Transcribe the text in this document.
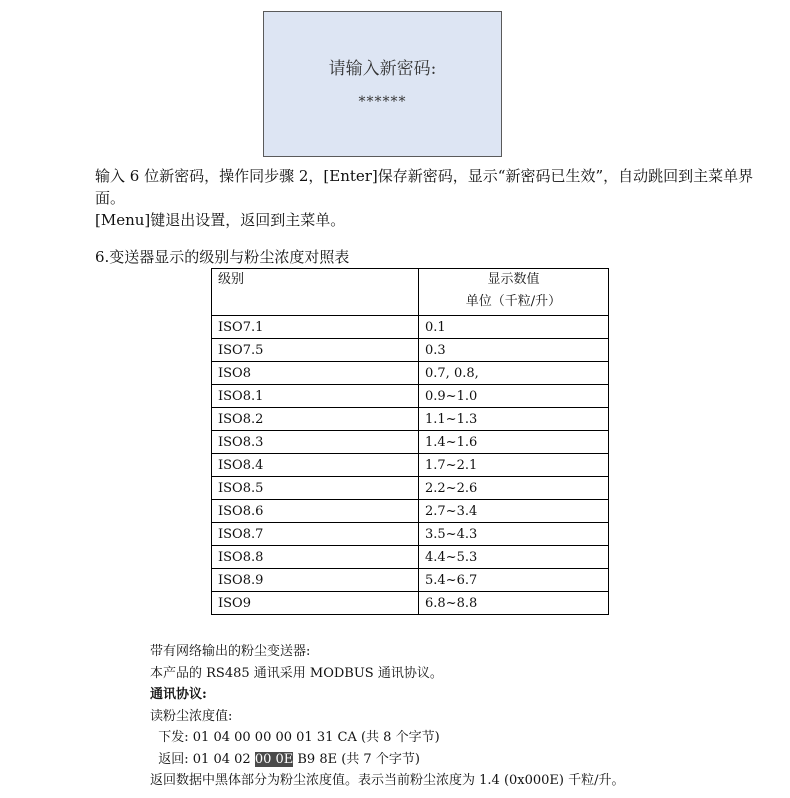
请输入新密码:
******
输入 6 位新密码，操作同步骤 2，[Enter]保存新密码，显示“新密码已生效”，自动跳回到主菜单界面。
[Menu]键退出设置，返回到主菜单。
6.变送器显示的级别与粉尘浓度对照表
级别	显示数值
单位（千粒/升）

ISO7.1	0.1
ISO7.5	0.3
ISO8	0.7, 0.8,
ISO8.1	0.9~1.0
ISO8.2	1.1~1.3
ISO8.3	1.4~1.6
ISO8.4	1.7~2.1
ISO8.5	2.2~2.6
ISO8.6	2.7~3.4
ISO8.7	3.5~4.3
ISO8.8	4.4~5.3
ISO8.9	5.4~6.7
ISO9	6.8~8.8
带有网络输出的粉尘变送器:
本产品的 RS485 通讯采用 MODBUS 通讯协议。
通讯协议:
读粉尘浓度值:
下发: 01 04 00 00 00 01 31 CA (共 8 个字节)
返回: 01 04 02 00 0E B9 8E (共 7 个字节)
返回数据中黑体部分为粉尘浓度值。表示当前粉尘浓度为 1.4 (0x000E) 千粒/升。
